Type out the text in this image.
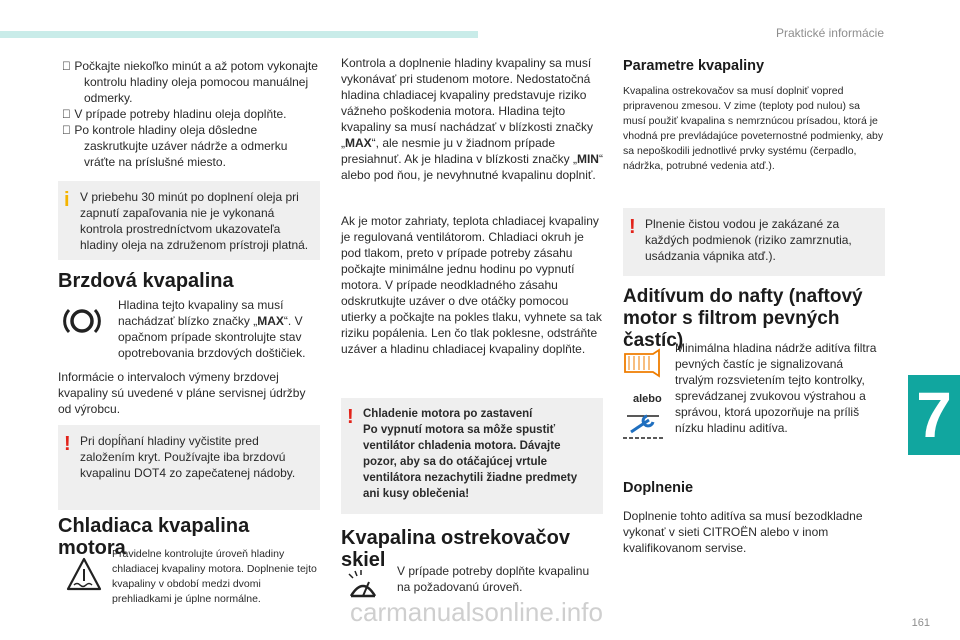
Praktické informácie
7
161

Počkajte niekoľko minút a až potom vykonajte kontrolu hladiny oleja pomocou manuálnej odmerky.

V prípade potreby hladinu oleja doplňte.

Po kontrole hladiny oleja dôsledne zaskrutkujte uzáver nádrže a odmerku vráťte na príslušné miesto.

i V priebehu 30 minút po doplnení oleja pri zapnutí zapaľovania nie je vykonaná kontrola prostredníctvom ukazovateľa hladiny oleja na združenom prístroji platná.

Brzdová kvapalina

Hladina tejto kvapaliny sa musí nachádzať blízko značky „MAX“. V opačnom prípade skontrolujte stav opotrebovania brzdových doštičiek.

Informácie o intervaloch výmeny brzdovej kvapaliny sú uvedené v pláne servisnej údržby od výrobcu.

! Pri dopĺňaní hladiny vyčistite pred založením kryt. Používajte iba brzdovú kvapalinu DOT4 zo zapečatenej nádoby.

Chladiaca kvapalina motora

Pravidelne kontrolujte úroveň hladiny chladiacej kvapaliny motora. Doplnenie tejto kvapaliny v období medzi dvomi prehliadkami je úplne normálne.

Kontrola a doplnenie hladiny kvapaliny sa musí vykonávať pri studenom motore. Nedostatočná hladina chladiacej kvapaliny predstavuje riziko vážneho poškodenia motora. Hladina tejto kvapaliny sa musí nachádzať v blízkosti značky „MAX“, ale nesmie ju v žiadnom prípade presiahnuť. Ak je hladina v blízkosti značky „MIN“ alebo pod ňou, je nevyhnutné kvapalinu doplniť.

Ak je motor zahriaty, teplota chladiacej kvapaliny je regulovaná ventilátorom. Chladiaci okruh je pod tlakom, preto v prípade potreby zásahu počkajte minimálne jednu hodinu po vypnutí motora. V prípade neodkladného zásahu odskrutkujte uzáver o dve otáčky pomocou utierky a počkajte na pokles tlaku, vyhnete sa tak riziku popálenia. Len čo tlak poklesne, odstráňte uzáver a hladinu chladiacej kvapaliny doplňte.

! Chladenie motora po zastavení
Po vypnutí motora sa môže spustiť ventilátor chladenia motora. Dávajte pozor, aby sa do otáčajúcej vrtule ventilátora nezachytili žiadne predmety ani kusy oblečenia!

Kvapalina ostrekovačov skiel V prípade potreby doplňte kvapalinu na požadovanú úroveň.

Parametre kvapaliny

Kvapalina ostrekovačov sa musí doplniť vopred pripravenou zmesou. V zime (teploty pod nulou) sa musí použiť kvapalina s nemrznúcou prísadou, ktorá je vhodná pre prevládajúce poveternostné podmienky, aby sa nepoškodili jednotlivé prvky systému (čerpadlo, nádržka, potrubné vedenia atď.).

! Plnenie čistou vodou je zakázané za každých podmienok (riziko zamrznutia, usádzania vápnika atď.).

Aditívum do nafty (naftový motor s filtrom pevných častíc)

alebo

Minimálna hladina nádrže aditíva filtra pevných častíc je signalizovaná trvalým rozsvietením tejto kontrolky, sprevádzanej zvukovou výstrahou a správou, ktorá upozorňuje na príliš nízku hladinu aditíva.

Doplnenie

Doplnenie tohto aditíva sa musí bezodkladne vykonať v sieti CITROËN alebo v inom kvalifikovanom servise.

carmanualsonline.info
